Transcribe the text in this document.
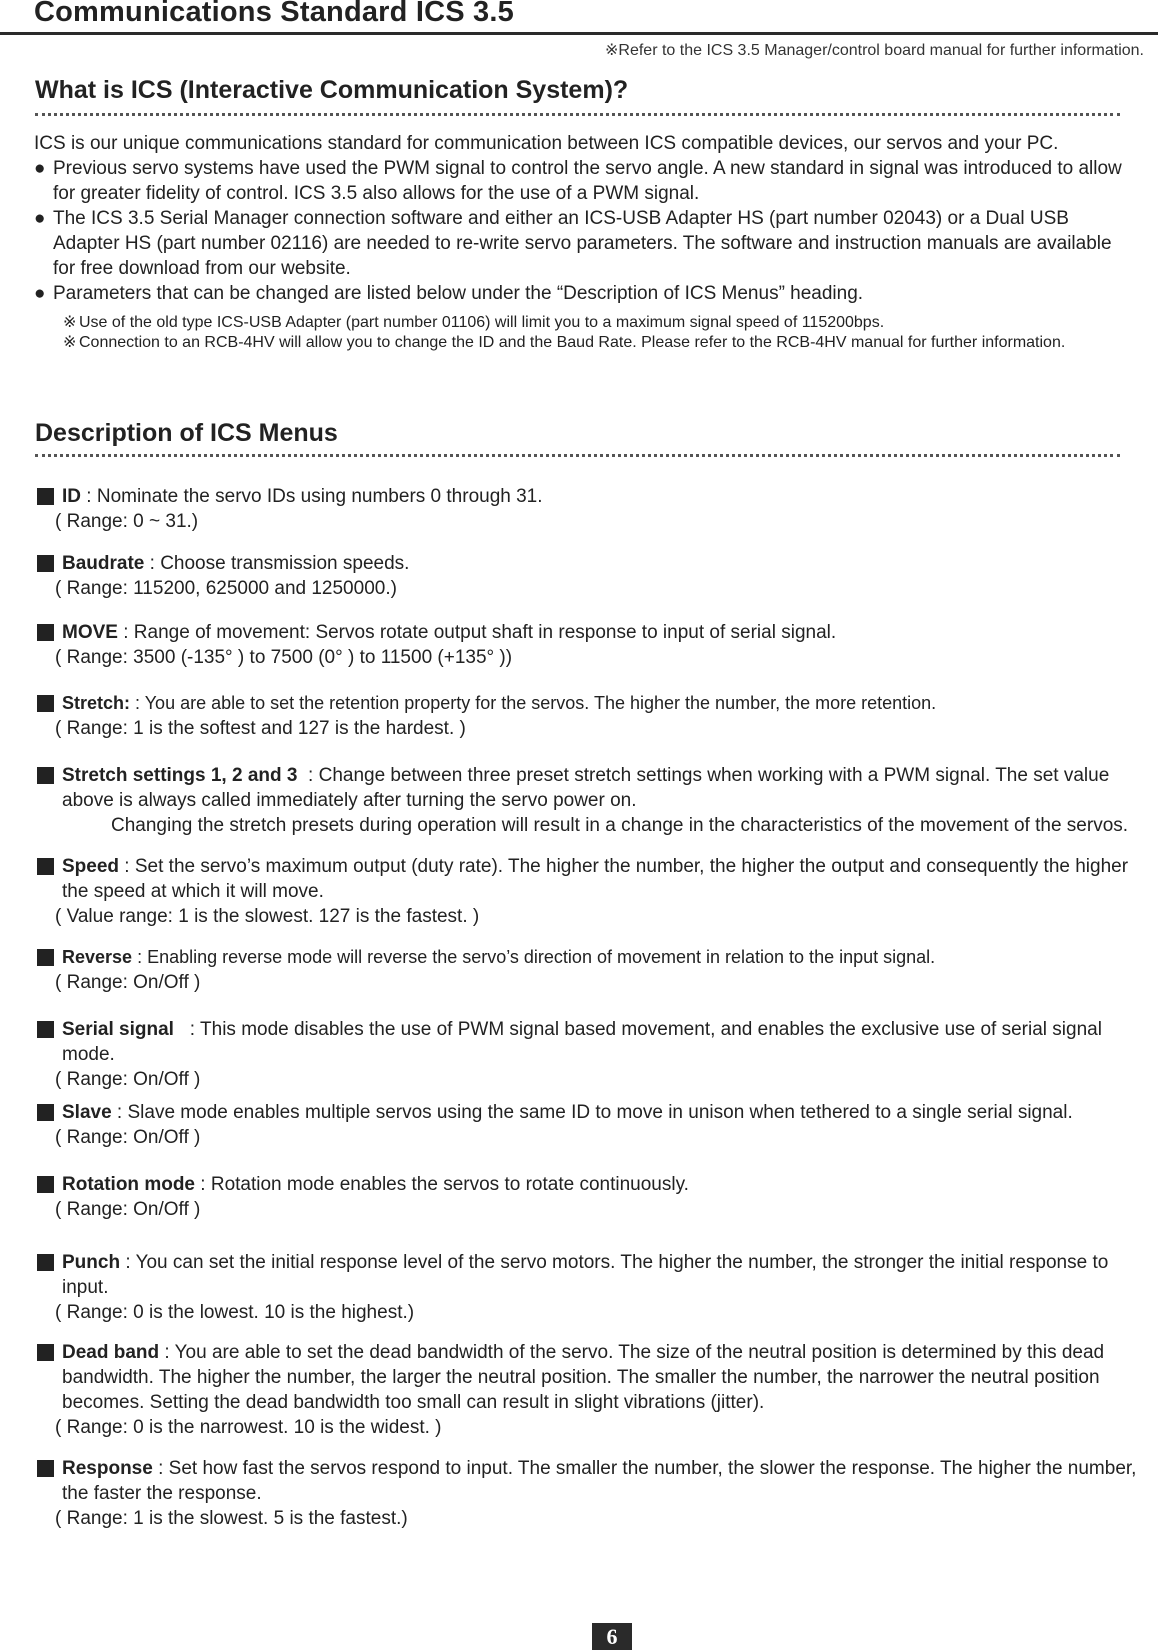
Communications Standard ICS 3.5
※Refer to the ICS 3.5 Manager/control board manual for further information.
What is ICS (Interactive Communication System)?

ICS is our unique communications standard for communication between ICS compatible devices, our servos and your PC.

● Previous servo systems have used the PWM signal to control the servo angle. A new standard in signal was introduced to allow for greater fidelity of control. ICS 3.5 also allows for the use of a PWM signal.
● The ICS 3.5 Serial Manager connection software and either an ICS-USB Adapter HS (part number 02043) or a Dual USB Adapter HS (part number 02116) are needed to re-write servo parameters. The software and instruction manuals are available for free download from our website.
● Parameters that can be changed are listed below under the “Description of ICS Menus” heading.
※ Use of the old type ICS-USB Adapter (part number 01106) will limit you to a maximum signal speed of 115200bps.
※ Connection to an RCB-4HV will allow you to change the ID and the Baud Rate. Please refer to the RCB-4HV manual for further information.
Description of ICS Menus
ID : Nominate the servo IDs using numbers 0 through 31.
( Range: 0 ~ 31.)
Baudrate : Choose transmission speeds.
( Range: 115200, 625000 and 1250000.)
MOVE : Range of movement: Servos rotate output shaft in response to input of serial signal.
( Range: 3500 (-135° ) to 7500 (0° ) to 11500 (+135° ))
Stretch: : You are able to set the retention property for the servos. The higher the number, the more retention.
( Range: 1 is the softest and 127 is the hardest. )
Stretch settings 1, 2 and 3  : Change between three preset stretch settings when working with a PWM signal. The set value above is always called immediately after turning the servo power on.
Changing the stretch presets during operation will result in a change in the characteristics of the movement of the servos.
Speed : Set the servo’s maximum output (duty rate). The higher the number, the higher the output and consequently the higher the speed at which it will move.
( Value range: 1 is the slowest. 127 is the fastest. )
Reverse : Enabling reverse mode will reverse the servo’s direction of movement in relation to the input signal.
( Range: On/Off )
Serial signal   : This mode disables the use of PWM signal based movement, and enables the exclusive use of serial signal mode.
( Range: On/Off )
Slave : Slave mode enables multiple servos using the same ID to move in unison when tethered to a single serial signal.
( Range: On/Off )
Rotation mode : Rotation mode enables the servos to rotate continuously.
( Range: On/Off )
Punch : You can set the initial response level of the servo motors. The higher the number, the stronger the initial response to input.
( Range: 0 is the lowest. 10 is the highest.)
Dead band : You are able to set the dead bandwidth of the servo. The size of the neutral position is determined by this dead bandwidth. The higher the number, the larger the neutral position. The smaller the number, the narrower the neutral position becomes. Setting the dead bandwidth too small can result in slight vibrations (jitter).
( Range: 0 is the narrowest. 10 is the widest. )
Response : Set how fast the servos respond to input. The smaller the number, the slower the response. The higher the number, the faster the response.
( Range: 1 is the slowest. 5 is the fastest.)
6
